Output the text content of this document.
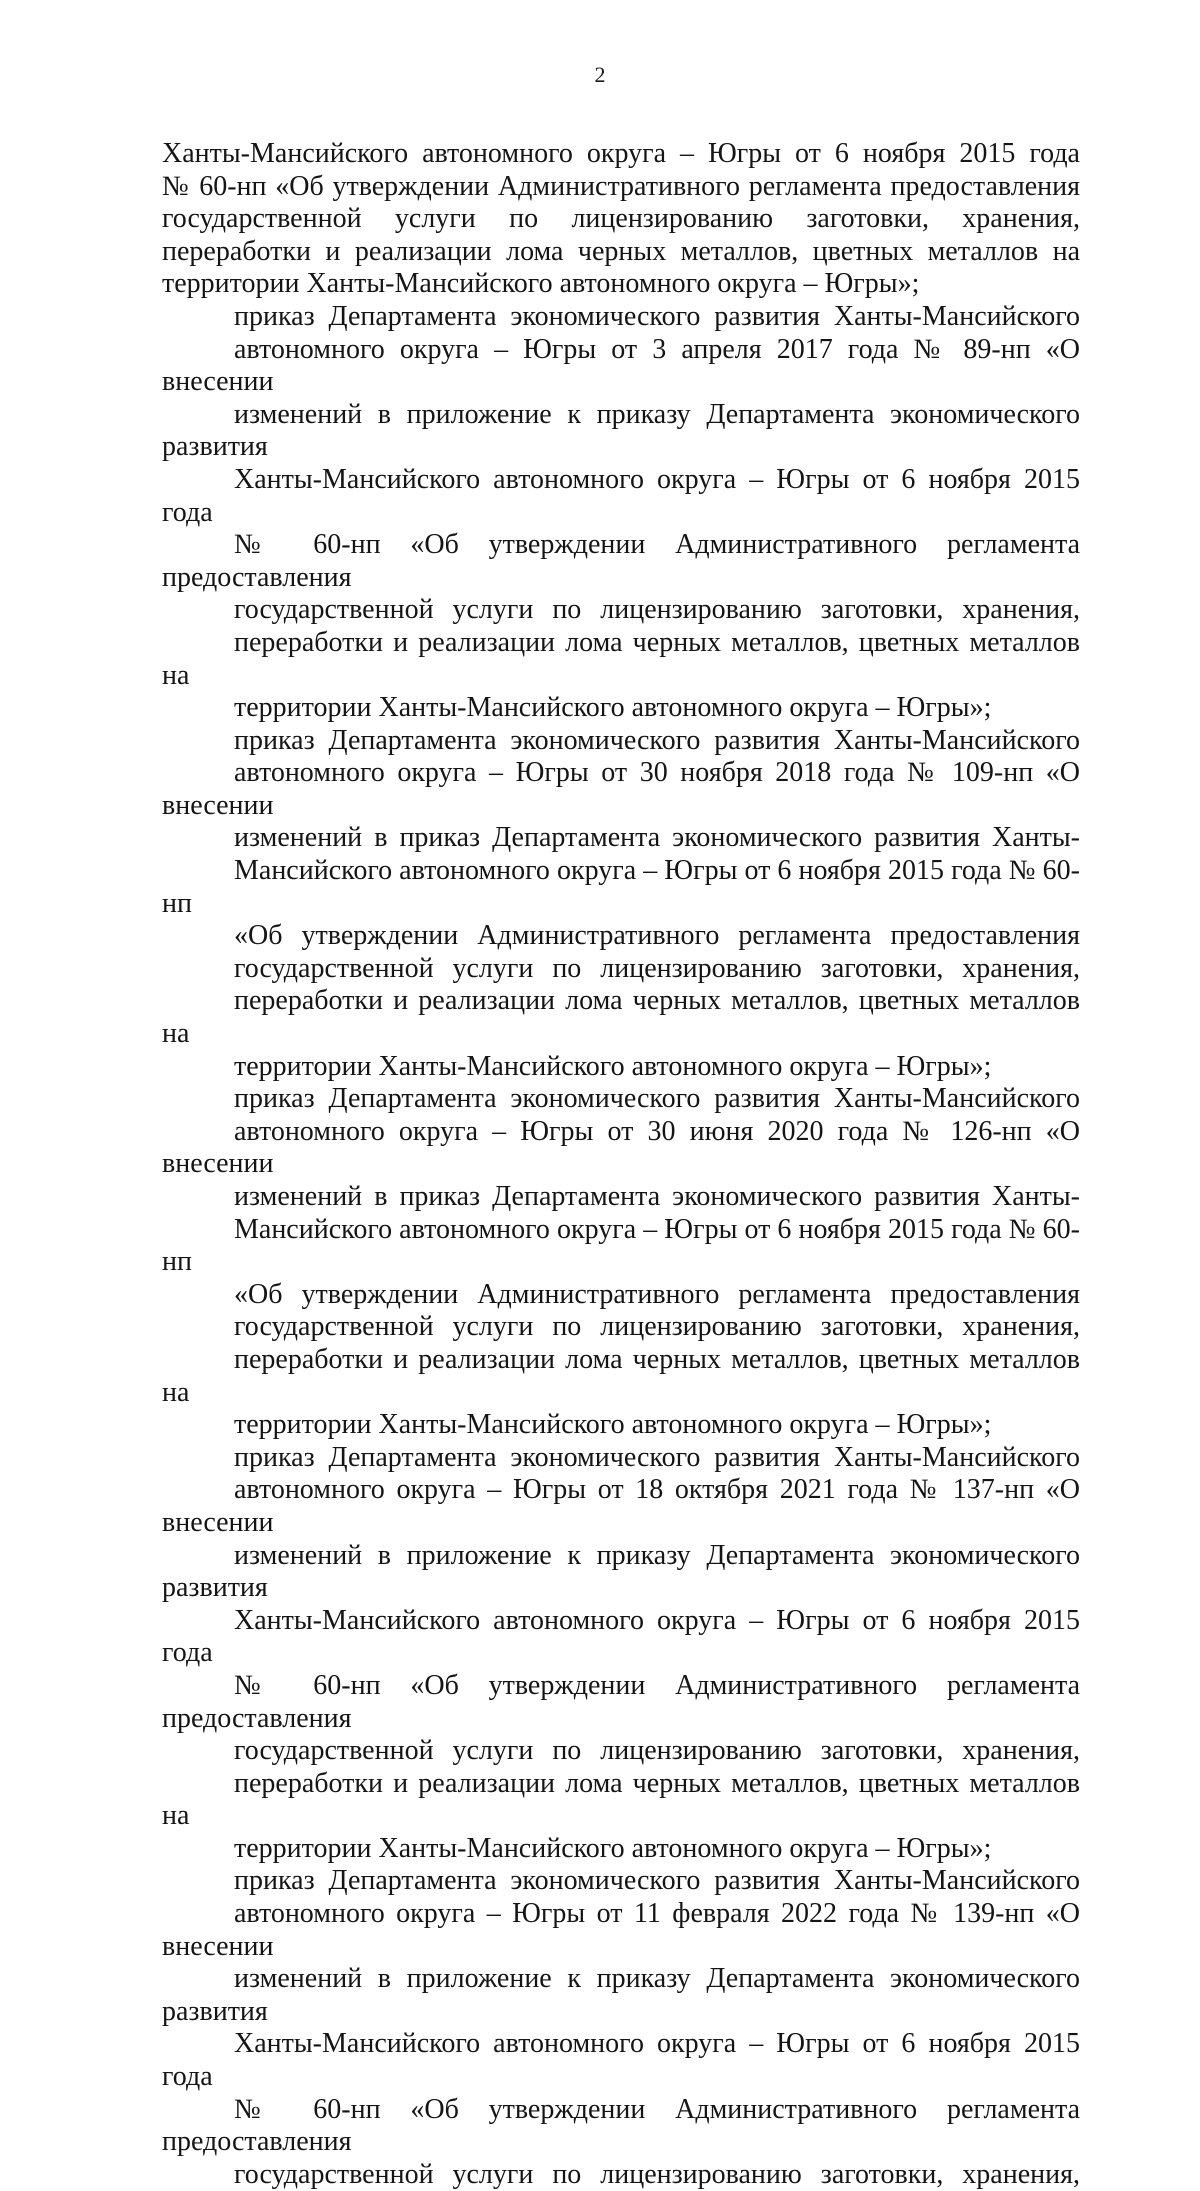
2
Ханты-Мансийского автономного округа – Югры от 6 ноября 2015 года
№ 60-нп «Об утверждении Административного регламента предоставления
государственной услуги по лицензированию заготовки, хранения,
переработки и реализации лома черных металлов, цветных металлов на
территории Ханты-Мансийского автономного округа – Югры»;
приказ Департамента экономического развития Ханты-Мансийского
автономного округа – Югры от 3 апреля 2017 года № 89-нп «О внесении
изменений в приложение к приказу Департамента экономического развития
Ханты-Мансийского автономного округа – Югры от 6 ноября 2015 года
№ 60-нп «Об утверждении Административного регламента предоставления
государственной услуги по лицензированию заготовки, хранения,
переработки и реализации лома черных металлов, цветных металлов на
территории Ханты-Мансийского автономного округа – Югры»;
приказ Департамента экономического развития Ханты-Мансийского
автономного округа – Югры от 30 ноября 2018 года № 109-нп «О внесении
изменений в приказ Департамента экономического развития Ханты-
Мансийского автономного округа – Югры от 6 ноября 2015 года № 60-нп
«Об утверждении Административного регламента предоставления
государственной услуги по лицензированию заготовки, хранения,
переработки и реализации лома черных металлов, цветных металлов на
территории Ханты-Мансийского автономного округа – Югры»;
приказ Департамента экономического развития Ханты-Мансийского
автономного округа – Югры от 30 июня 2020 года № 126-нп «О внесении
изменений в приказ Департамента экономического развития Ханты-
Мансийского автономного округа – Югры от 6 ноября 2015 года № 60-нп
«Об утверждении Административного регламента предоставления
государственной услуги по лицензированию заготовки, хранения,
переработки и реализации лома черных металлов, цветных металлов на
территории Ханты-Мансийского автономного округа – Югры»;
приказ Департамента экономического развития Ханты-Мансийского
автономного округа – Югры от 18 октября 2021 года № 137-нп «О внесении
изменений в приложение к приказу Департамента экономического развития
Ханты-Мансийского автономного округа – Югры от 6 ноября 2015 года
№ 60-нп «Об утверждении Административного регламента предоставления
государственной услуги по лицензированию заготовки, хранения,
переработки и реализации лома черных металлов, цветных металлов на
территории Ханты-Мансийского автономного округа – Югры»;
приказ Департамента экономического развития Ханты-Мансийского
автономного округа – Югры от 11 февраля 2022 года № 139-нп «О внесении
изменений в приложение к приказу Департамента экономического развития
Ханты-Мансийского автономного округа – Югры от 6 ноября 2015 года
№ 60-нп «Об утверждении Административного регламента предоставления
государственной услуги по лицензированию заготовки, хранения,
